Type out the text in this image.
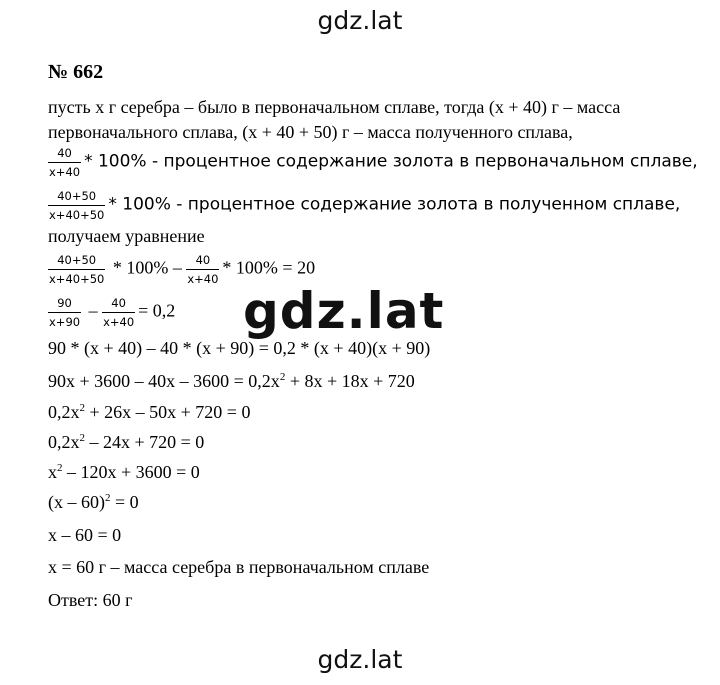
gdz.lat
№ 662
пусть х г серебра – было в первоначальном сплаве, тогда (х + 40) г – масса
первоначального сплава, (х + 40 + 50) г – масса полученного сплава,
$\frac{40}{x+40} * 100\%$ - процентное содержание золота в первоначальном сплаве,
$\frac{40+50}{x+40+50} * 100\%$ - процентное содержание золота в полученном сплаве,
получаем уравнение
$\frac{40+50}{x+40+50} * 100\% - \frac{40}{x+40} * 100\% = 20$
$\frac{90}{x+90} - \frac{40}{x+40} = 0,2$
90 * (х + 40) – 40 * (х + 90) = 0,2 * (х + 40)(х + 90)
$90х + 3600 - 40х - 3600 = 0,2х^2 + 8х + 18х + 720$
$0,2х^2 + 26х - 50х + 720 = 0$
$0,2х^2 - 24х + 720 = 0$
$х^2 - 120х + 3600 = 0$
(х – 60)$^2$ = 0
х – 60 = 0
х = 60 г – масса серебра в первоначальном сплаве
Ответ: 60 г
gdz.lat
gdz.lat
